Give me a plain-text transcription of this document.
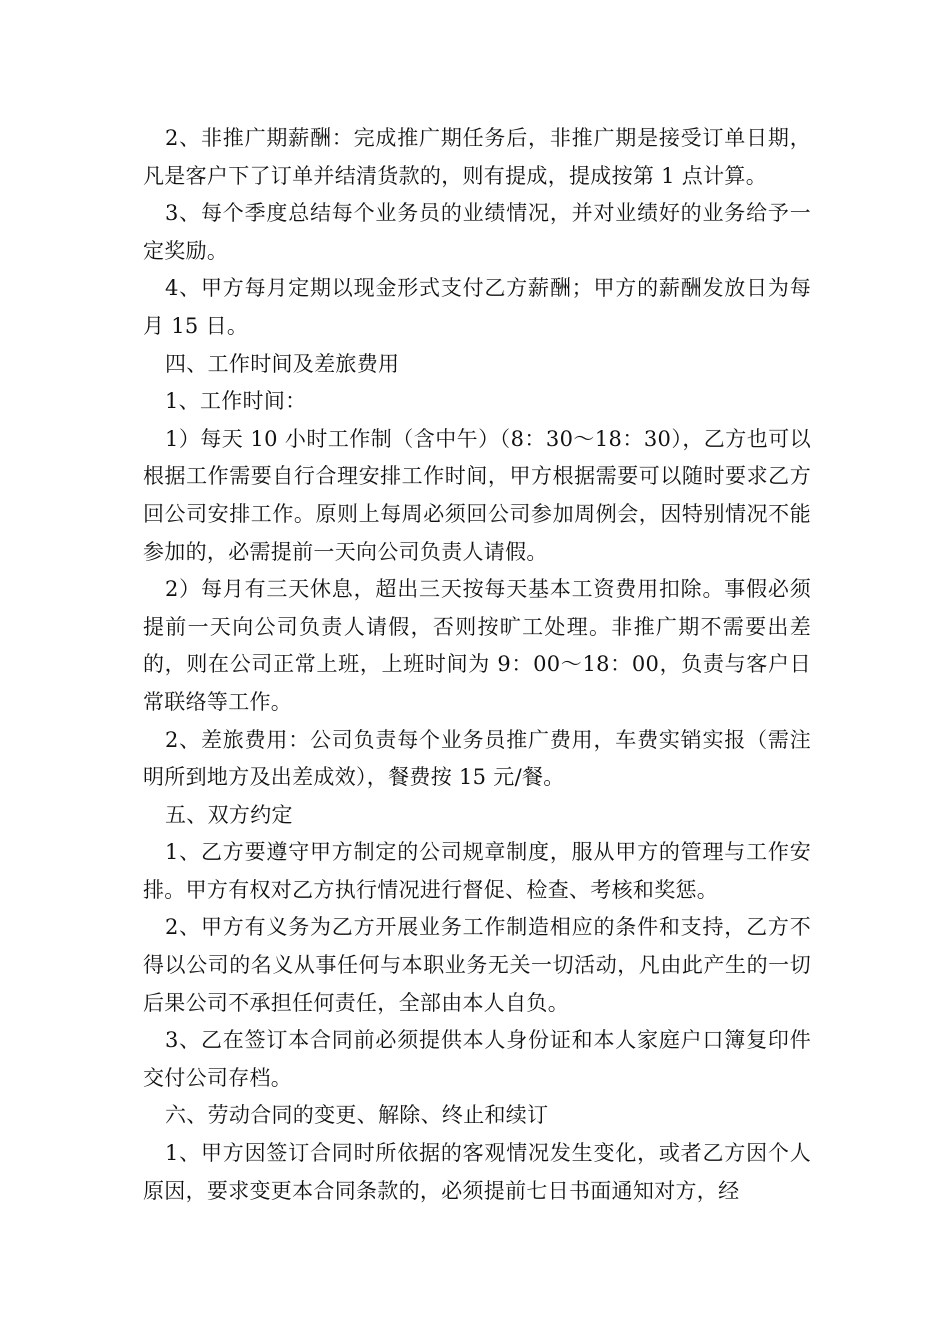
2、非推广期薪酬：完成推广期任务后，非推广期是接受订单日期，凡是客户下了订单并结清货款的，则有提成，提成按第 1 点计算。

3、每个季度总结每个业务员的业绩情况，并对业绩好的业务给予一定奖励。

4、甲方每月定期以现金形式支付乙方薪酬；甲方的薪酬发放日为每月 15 日。

四、工作时间及差旅费用

1、工作时间：

1）每天 10 小时工作制（含中午）（8：30～18：30），乙方也可以根据工作需要自行合理安排工作时间，甲方根据需要可以随时要求乙方回公司安排工作。原则上每周必须回公司参加周例会，因特别情况不能参加的，必需提前一天向公司负责人请假。

2）每月有三天休息，超出三天按每天基本工资费用扣除。事假必须提前一天向公司负责人请假，否则按旷工处理。非推广期不需要出差的，则在公司正常上班，上班时间为 9：00～18：00，负责与客户日常联络等工作。

2、差旅费用：公司负责每个业务员推广费用，车费实销实报（需注明所到地方及出差成效），餐费按 15 元/餐。

五、双方约定

1、乙方要遵守甲方制定的公司规章制度，服从甲方的管理与工作安排。甲方有权对乙方执行情况进行督促、检查、考核和奖惩。

2、甲方有义务为乙方开展业务工作制造相应的条件和支持，乙方不得以公司的名义从事任何与本职业务无关一切活动，凡由此产生的一切后果公司不承担任何责任，全部由本人自负。

3、乙在签订本合同前必须提供本人身份证和本人家庭户口簿复印件交付公司存档。

六、劳动合同的变更、解除、终止和续订

1、甲方因签订合同时所依据的客观情况发生变化，或者乙方因个人原因，要求变更本合同条款的，必须提前七日书面通知对方，经
